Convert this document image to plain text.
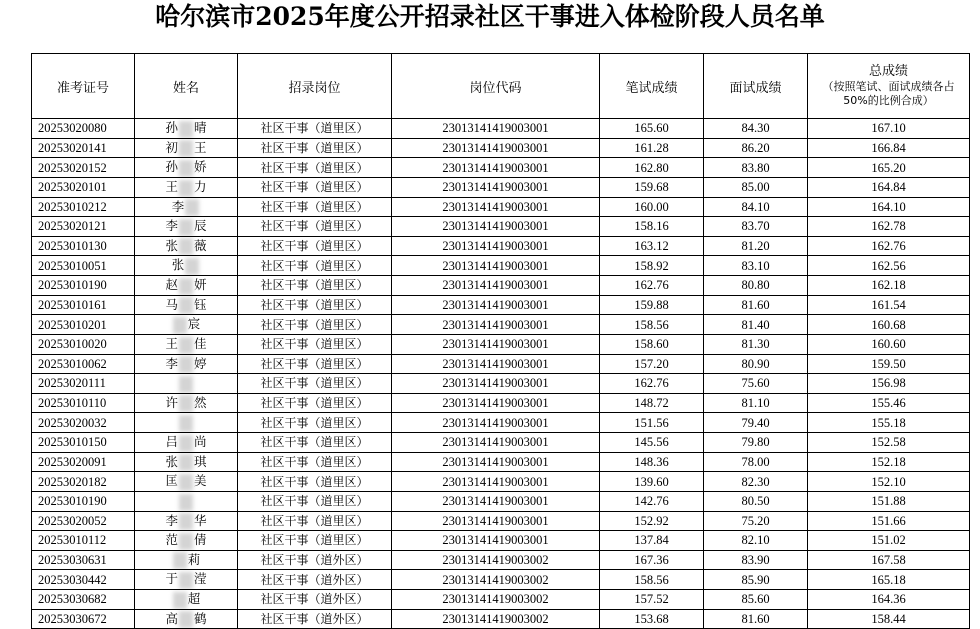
哈尔滨市2025年度公开招录社区干事进入体检阶段人员名单
准考证号	姓名	招录岗位	岗位代码	笔试成绩	面试成绩	总成绩
（按照笔试、面试成绩各占
50%的比例合成）

20253020080	孙 晴	社区干事（道里区）	23013141419003001	165.60	84.30	167.10
20253020141	初 王	社区干事（道里区）	23013141419003001	161.28	86.20	166.84
20253020152	孙 娇	社区干事（道里区）	23013141419003001	162.80	83.80	165.20
20253020101	王 力	社区干事（道里区）	23013141419003001	159.68	85.00	164.84
20253010212	李	社区干事（道里区）	23013141419003001	160.00	84.10	164.10
20253020121	李 辰	社区干事（道里区）	23013141419003001	158.16	83.70	162.78
20253010130	张 薇	社区干事（道里区）	23013141419003001	163.12	81.20	162.76
20253010051	张	社区干事（道里区）	23013141419003001	158.92	83.10	162.56
20253010190	赵 妍	社区干事（道里区）	23013141419003001	162.76	80.80	162.18
20253010161	马 钰	社区干事（道里区）	23013141419003001	159.88	81.60	161.54
20253010201	宸	社区干事（道里区）	23013141419003001	158.56	81.40	160.68
20253010020	王 佳	社区干事（道里区）	23013141419003001	158.60	81.30	160.60
20253010062	李 婷	社区干事（道里区）	23013141419003001	157.20	80.90	159.50
20253020111		社区干事（道里区）	23013141419003001	162.76	75.60	156.98
20253010110	许 然	社区干事（道里区）	23013141419003001	148.72	81.10	155.46
20253020032		社区干事（道里区）	23013141419003001	151.56	79.40	155.18
20253010150	吕 尚	社区干事（道里区）	23013141419003001	145.56	79.80	152.58
20253020091	张 琪	社区干事（道里区）	23013141419003001	148.36	78.00	152.18
20253020182	匡 美	社区干事（道里区）	23013141419003001	139.60	82.30	152.10
20253010190		社区干事（道里区）	23013141419003001	142.76	80.50	151.88
20253020052	李 华	社区干事（道里区）	23013141419003001	152.92	75.20	151.66
20253010112	范 倩	社区干事（道里区）	23013141419003001	137.84	82.10	151.02
20253030631	莉	社区干事（道外区）	23013141419003002	167.36	83.90	167.58
20253030442	于 滢	社区干事（道外区）	23013141419003002	158.56	85.90	165.18
20253030682	超	社区干事（道外区）	23013141419003002	157.52	85.60	164.36
20253030672	高 鹤	社区干事（道外区）	23013141419003002	153.68	81.60	158.44
